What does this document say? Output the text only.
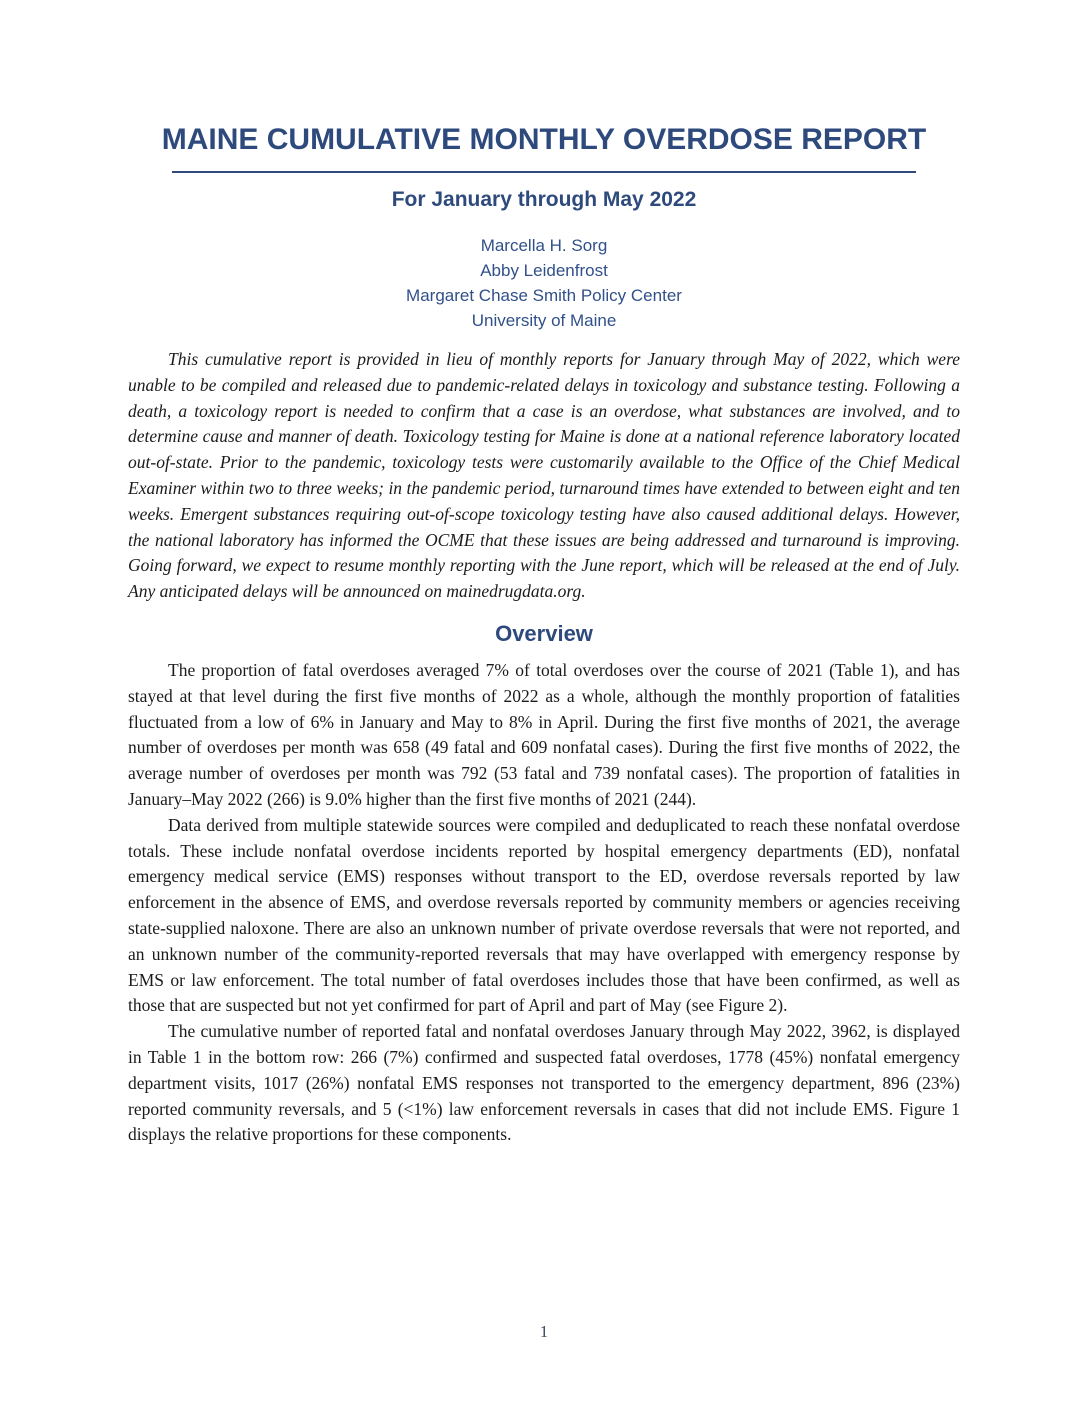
MAINE CUMULATIVE MONTHLY OVERDOSE REPORT
For January through May 2022
Marcella H. Sorg
Abby Leidenfrost
Margaret Chase Smith Policy Center
University of Maine

This cumulative report is provided in lieu of monthly reports for January through May of 2022, which were unable to be compiled and released due to pandemic-related delays in toxicology and substance testing. Following a death, a toxicology report is needed to confirm that a case is an overdose, what substances are involved, and to determine cause and manner of death. Toxicology testing for Maine is done at a national reference laboratory located out-of-state. Prior to the pandemic, toxicology tests were customarily available to the Office of the Chief Medical Examiner within two to three weeks; in the pandemic period, turnaround times have extended to between eight and ten weeks. Emergent substances requiring out-of-scope toxicology testing have also caused additional delays. However, the national laboratory has informed the OCME that these issues are being addressed and turnaround is improving. Going forward, we expect to resume monthly reporting with the June report, which will be released at the end of July. Any anticipated delays will be announced on mainedrugdata.org.

Overview

The proportion of fatal overdoses averaged 7% of total overdoses over the course of 2021 (Table 1), and has stayed at that level during the first five months of 2022 as a whole, although the monthly proportion of fatalities fluctuated from a low of 6% in January and May to 8% in April. During the first five months of 2021, the average number of overdoses per month was 658 (49 fatal and 609 nonfatal cases). During the first five months of 2022, the average number of overdoses per month was 792 (53 fatal and 739 nonfatal cases). The proportion of fatalities in January–May 2022 (266) is 9.0% higher than the first five months of 2021 (244).

Data derived from multiple statewide sources were compiled and deduplicated to reach these nonfatal overdose totals. These include nonfatal overdose incidents reported by hospital emergency departments (ED), nonfatal emergency medical service (EMS) responses without transport to the ED, overdose reversals reported by law enforcement in the absence of EMS, and overdose reversals reported by community members or agencies receiving state-supplied naloxone. There are also an unknown number of private overdose reversals that were not reported, and an unknown number of the community-reported reversals that may have overlapped with emergency response by EMS or law enforcement. The total number of fatal overdoses includes those that have been confirmed, as well as those that are suspected but not yet confirmed for part of April and part of May (see Figure 2).

The cumulative number of reported fatal and nonfatal overdoses January through May 2022, 3962, is displayed in Table 1 in the bottom row: 266 (7%) confirmed and suspected fatal overdoses, 1778 (45%) nonfatal emergency department visits, 1017 (26%) nonfatal EMS responses not transported to the emergency department, 896 (23%) reported community reversals, and 5 (<1%) law enforcement reversals in cases that did not include EMS. Figure 1 displays the relative proportions for these components.

1
